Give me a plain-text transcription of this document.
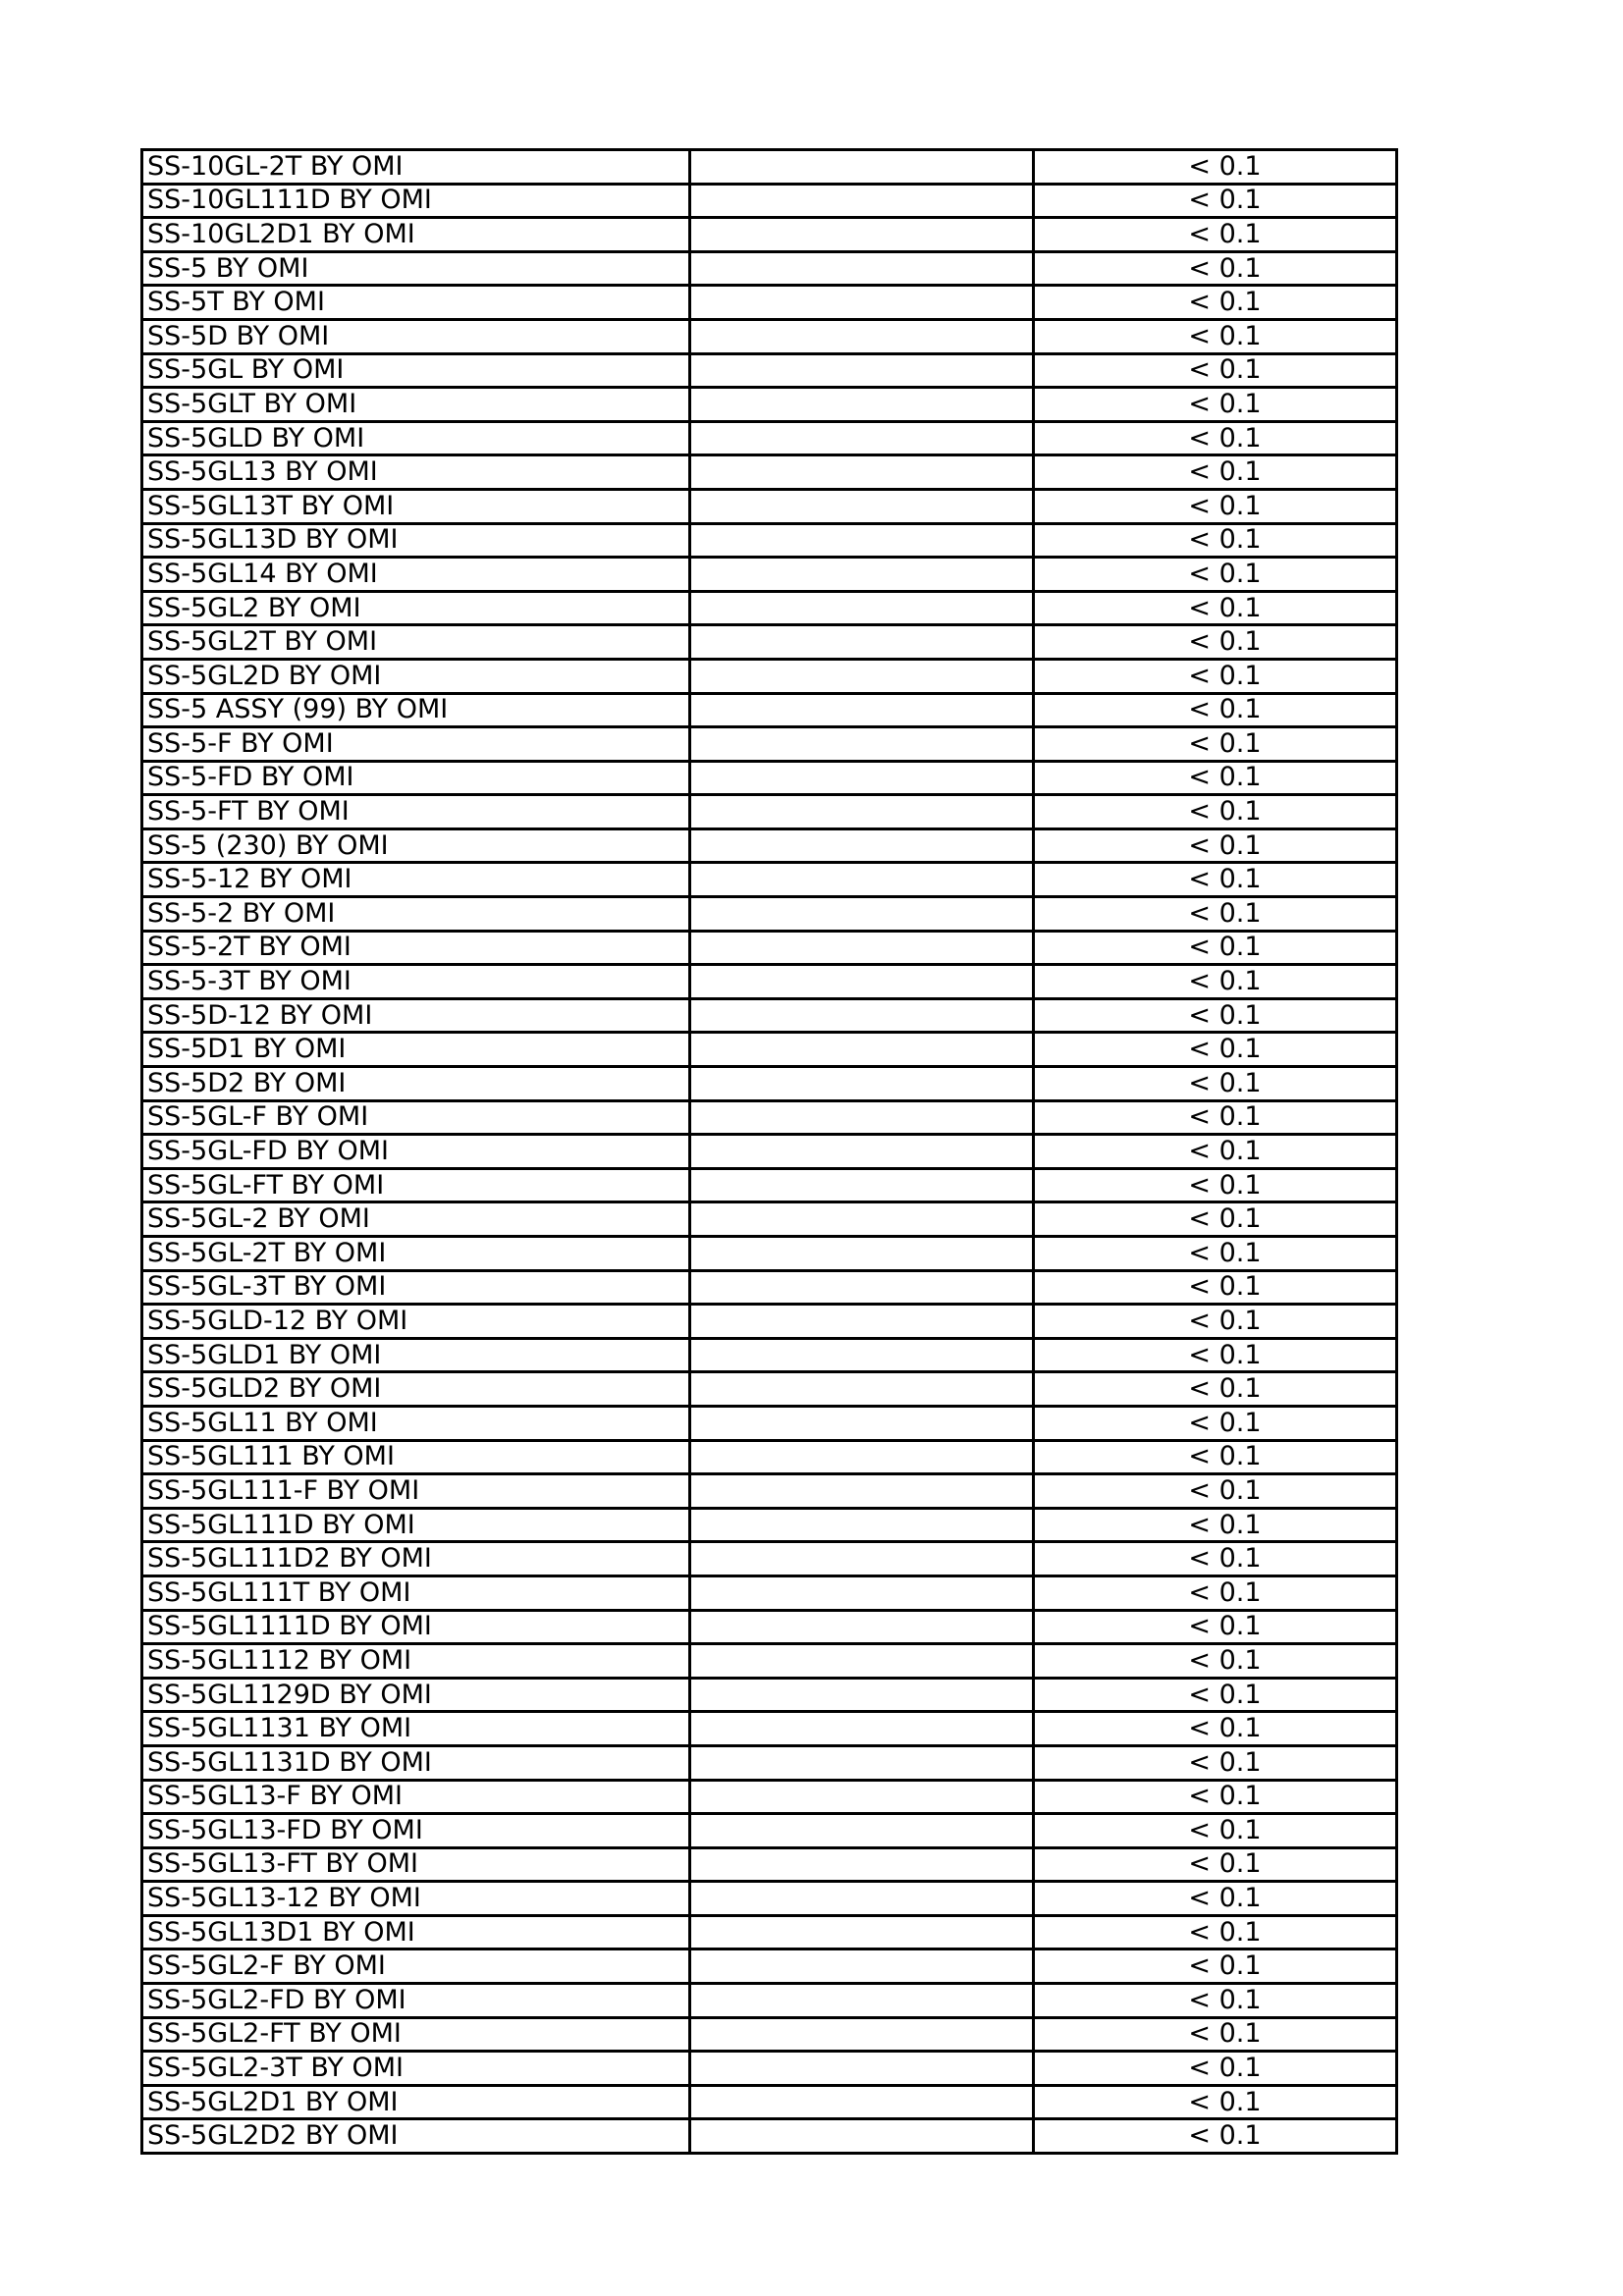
SS-10GL-2T BY OMI		< 0.1
SS-10GL111D BY OMI		< 0.1
SS-10GL2D1 BY OMI		< 0.1
SS-5 BY OMI		< 0.1
SS-5T BY OMI		< 0.1
SS-5D BY OMI		< 0.1
SS-5GL BY OMI		< 0.1
SS-5GLT BY OMI		< 0.1
SS-5GLD BY OMI		< 0.1
SS-5GL13 BY OMI		< 0.1
SS-5GL13T BY OMI		< 0.1
SS-5GL13D BY OMI		< 0.1
SS-5GL14 BY OMI		< 0.1
SS-5GL2 BY OMI		< 0.1
SS-5GL2T BY OMI		< 0.1
SS-5GL2D BY OMI		< 0.1
SS-5 ASSY (99) BY OMI		< 0.1
SS-5-F BY OMI		< 0.1
SS-5-FD BY OMI		< 0.1
SS-5-FT BY OMI		< 0.1
SS-5 (230) BY OMI		< 0.1
SS-5-12 BY OMI		< 0.1
SS-5-2 BY OMI		< 0.1
SS-5-2T BY OMI		< 0.1
SS-5-3T BY OMI		< 0.1
SS-5D-12 BY OMI		< 0.1
SS-5D1 BY OMI		< 0.1
SS-5D2 BY OMI		< 0.1
SS-5GL-F BY OMI		< 0.1
SS-5GL-FD BY OMI		< 0.1
SS-5GL-FT BY OMI		< 0.1
SS-5GL-2 BY OMI		< 0.1
SS-5GL-2T BY OMI		< 0.1
SS-5GL-3T BY OMI		< 0.1
SS-5GLD-12 BY OMI		< 0.1
SS-5GLD1 BY OMI		< 0.1
SS-5GLD2 BY OMI		< 0.1
SS-5GL11 BY OMI		< 0.1
SS-5GL111 BY OMI		< 0.1
SS-5GL111-F BY OMI		< 0.1
SS-5GL111D BY OMI		< 0.1
SS-5GL111D2 BY OMI		< 0.1
SS-5GL111T BY OMI		< 0.1
SS-5GL1111D BY OMI		< 0.1
SS-5GL1112 BY OMI		< 0.1
SS-5GL1129D BY OMI		< 0.1
SS-5GL1131 BY OMI		< 0.1
SS-5GL1131D BY OMI		< 0.1
SS-5GL13-F BY OMI		< 0.1
SS-5GL13-FD BY OMI		< 0.1
SS-5GL13-FT BY OMI		< 0.1
SS-5GL13-12 BY OMI		< 0.1
SS-5GL13D1 BY OMI		< 0.1
SS-5GL2-F BY OMI		< 0.1
SS-5GL2-FD BY OMI		< 0.1
SS-5GL2-FT BY OMI		< 0.1
SS-5GL2-3T BY OMI		< 0.1
SS-5GL2D1 BY OMI		< 0.1
SS-5GL2D2 BY OMI		< 0.1
